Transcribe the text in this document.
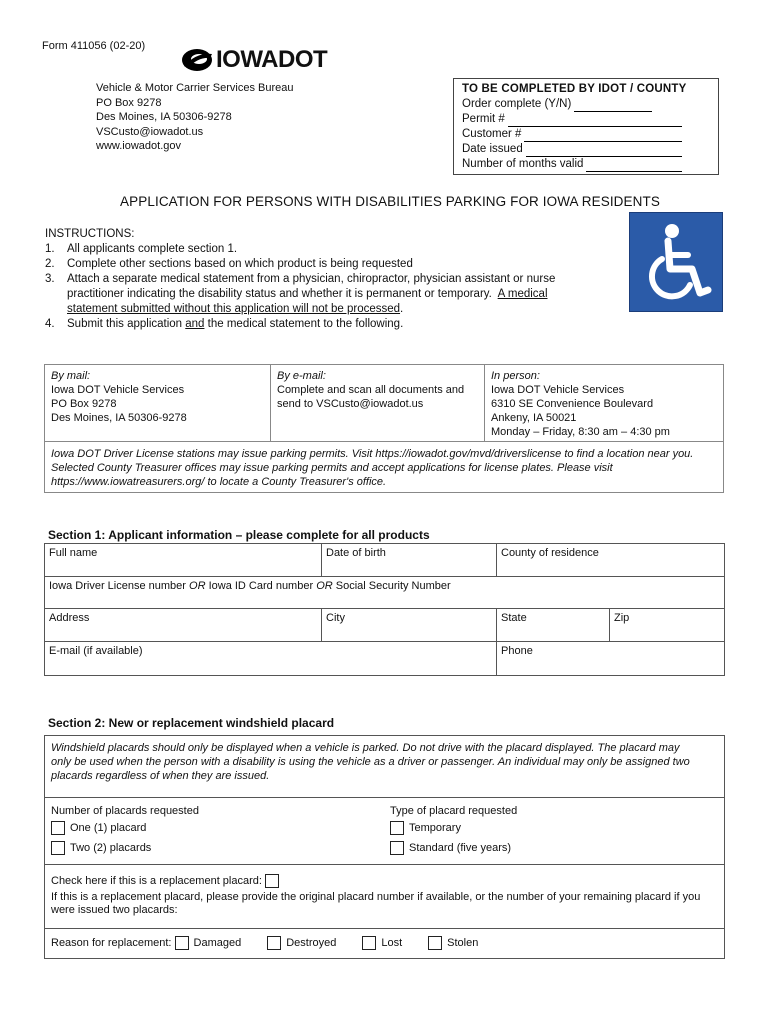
Form 411056 (02-20)	IOWADOT
Vehicle & Motor Carrier Services Bureau
PO Box 9278
Des Moines, IA 50306-9278
VSCusto@iowadot.us
www.iowadot.gov
TO BE COMPLETED BY IDOT / COUNTY
Order complete (Y/N)
Permit #
Customer #
Date issued
Number of months valid
APPLICATION FOR PERSONS WITH DISABILITIES PARKING FOR IOWA RESIDENTS
INSTRUCTIONS:
1. All applicants complete section 1.
2. Complete other sections based on which product is being requested
3. Attach a separate medical statement from a physician, chiropractor, physician assistant or nurse
practitioner indicating the disability status and whether it is permanent or temporary. A medical
statement submitted without this application will not be processed.
4. Submit this application and the medical statement to the following.
By mail:
Iowa DOT Vehicle Services
PO Box 9278
Des Moines, IA 50306-9278
By e-mail:
Complete and scan all documents and
send to VSCusto@iowadot.us
In person:
Iowa DOT Vehicle Services
6310 SE Convenience Boulevard
Ankeny, IA 50021
Monday – Friday, 8:30 am – 4:30 pm
Iowa DOT Driver License stations may issue parking permits. Visit https://iowadot.gov/mvd/driverslicense to find a location near you.
Selected County Treasurer offices may issue parking permits and accept applications for license plates. Please visit
https://www.iowatreasurers.org/ to locate a County Treasurer's office.
Section 1: Applicant information – please complete for all products
Full name	Date of birth	County of residence
Iowa Driver License number OR Iowa ID Card number OR Social Security Number
Address	City	State	Zip
E-mail (if available)	Phone
Section 2: New or replacement windshield placard
Windshield placards should only be displayed when a vehicle is parked. Do not drive with the placard displayed. The placard may
only be used when the person with a disability is using the vehicle as a driver or passenger. An individual may only be assigned two
placards regardless of when they are issued.
Number of placards requested
One (1) placard
Two (2) placards
Type of placard requested
Temporary
Standard (five years)
Check here if this is a replacement placard:

If this is a replacement placard, please provide the original placard number if available, or the number of your remaining placard if you
were issued two placards:
Reason for replacement:
Damaged	Destroyed	Lost	Stolen
